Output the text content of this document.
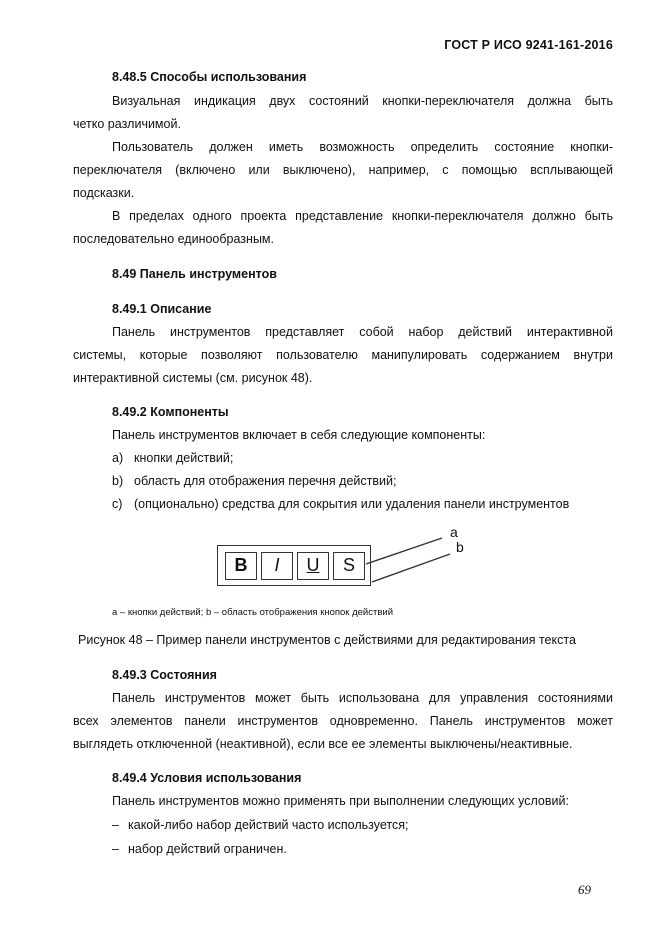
ГОСТ Р ИСО 9241-161-2016
8.48.5 Способы использования
Визуальная индикация двух состояний кнопки-переключателя должна быть
четко различимой.
Пользователь должен иметь возможность определить состояние кнопки-
переключателя (включено или выключено), например, с помощью всплывающей
подсказки.
В пределах одного проекта представление кнопки-переключателя должно быть
последовательно единообразным.
8.49 Панель инструментов
8.49.1 Описание
Панель инструментов представляет собой набор действий интерактивной
системы, которые позволяют пользователю манипулировать содержанием внутри
интерактивной системы (см. рисунок 48).
8.49.2 Компоненты
Панель инструментов включает в себя следующие компоненты:
a) кнопки действий;
b) область для отображения перечня действий;
c) (опционально) средства для сокрытия или удаления панели инструментов
B	I	U	S
a
b
a – кнопки действий; b – область отображения кнопок действий
Рисунок 48 – Пример панели инструментов с действиями для редактирования текста
8.49.3 Состояния
Панель инструментов может быть использована для управления состояниями
всех элементов панели инструментов одновременно. Панель инструментов может
выглядеть отключенной (неактивной), если все ее элементы выключены/неактивные.
8.49.4 Условия использования
Панель инструментов можно применять при выполнении следующих условий:
– какой-либо набор действий часто используется;
– набор действий ограничен.
69
